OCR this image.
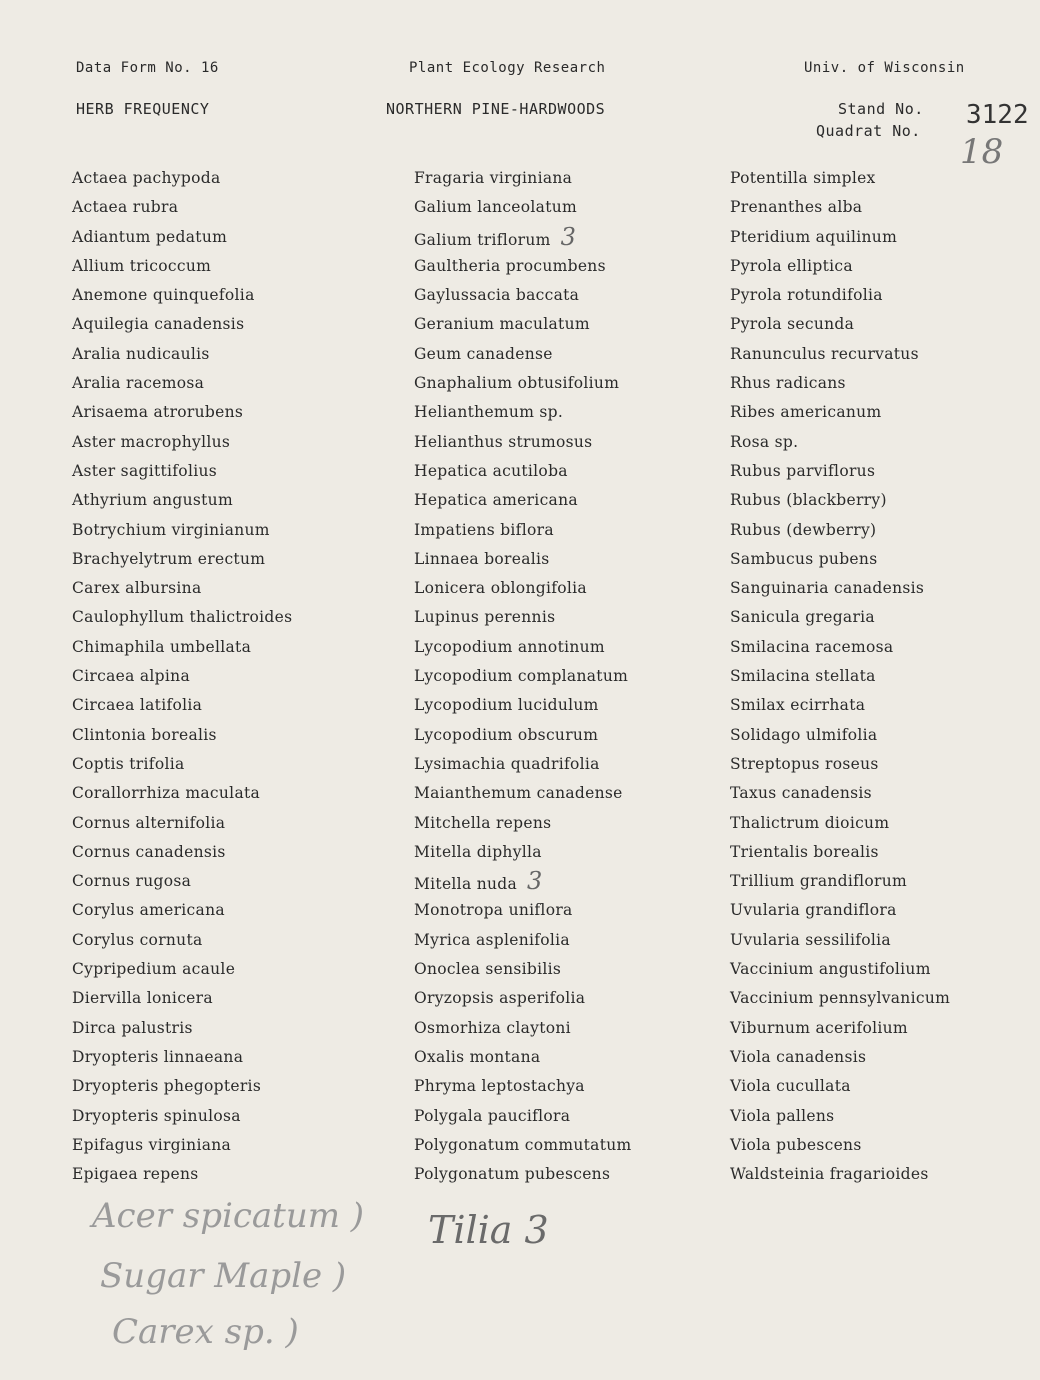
Data Form No. 16	Plant Ecology Research	Univ. of Wisconsin
HERB FREQUENCY	NORTHERN PINE-HARDWOODS	Stand No.
Quadrat No.
3122
18
Actaea pachypoda
Actaea rubra
Adiantum pedatum
Allium tricoccum
Anemone quinquefolia
Aquilegia canadensis
Aralia nudicaulis
Aralia racemosa
Arisaema atrorubens
Aster macrophyllus
Aster sagittifolius
Athyrium angustum
Botrychium virginianum
Brachyelytrum erectum
Carex albursina
Caulophyllum thalictroides
Chimaphila umbellata
Circaea alpina
Circaea latifolia
Clintonia borealis
Coptis trifolia
Corallorrhiza maculata
Cornus alternifolia
Cornus canadensis
Cornus rugosa
Corylus americana
Corylus cornuta
Cypripedium acaule
Diervilla lonicera
Dirca palustris
Dryopteris linnaeana
Dryopteris phegopteris
Dryopteris spinulosa
Epifagus virginiana
Epigaea repens
Fragaria virginiana
Galium lanceolatum
Galium triflorum 3
Gaultheria procumbens
Gaylussacia baccata
Geranium maculatum
Geum canadense
Gnaphalium obtusifolium
Helianthemum sp.
Helianthus strumosus
Hepatica acutiloba
Hepatica americana
Impatiens biflora
Linnaea borealis
Lonicera oblongifolia
Lupinus perennis
Lycopodium annotinum
Lycopodium complanatum
Lycopodium lucidulum
Lycopodium obscurum
Lysimachia quadrifolia
Maianthemum canadense
Mitchella repens
Mitella diphylla
Mitella nuda 3
Monotropa uniflora
Myrica asplenifolia
Onoclea sensibilis
Oryzopsis asperifolia
Osmorhiza claytoni
Oxalis montana
Phryma leptostachya
Polygala pauciflora
Polygonatum commutatum
Polygonatum pubescens
Potentilla simplex
Prenanthes alba
Pteridium aquilinum
Pyrola elliptica
Pyrola rotundifolia
Pyrola secunda
Ranunculus recurvatus
Rhus radicans
Ribes americanum
Rosa sp.
Rubus parviflorus
Rubus (blackberry)
Rubus (dewberry)
Sambucus pubens
Sanguinaria canadensis
Sanicula gregaria
Smilacina racemosa
Smilacina stellata
Smilax ecirrhata
Solidago ulmifolia
Streptopus roseus
Taxus canadensis
Thalictrum dioicum
Trientalis borealis
Trillium grandiflorum
Uvularia grandiflora
Uvularia sessilifolia
Vaccinium angustifolium
Vaccinium pennsylvanicum
Viburnum acerifolium
Viola canadensis
Viola cucullata
Viola pallens
Viola pubescens
Waldsteinia fragarioides
Tilia 3
Acer spicatum )
Sugar Maple )
Carex sp. )
